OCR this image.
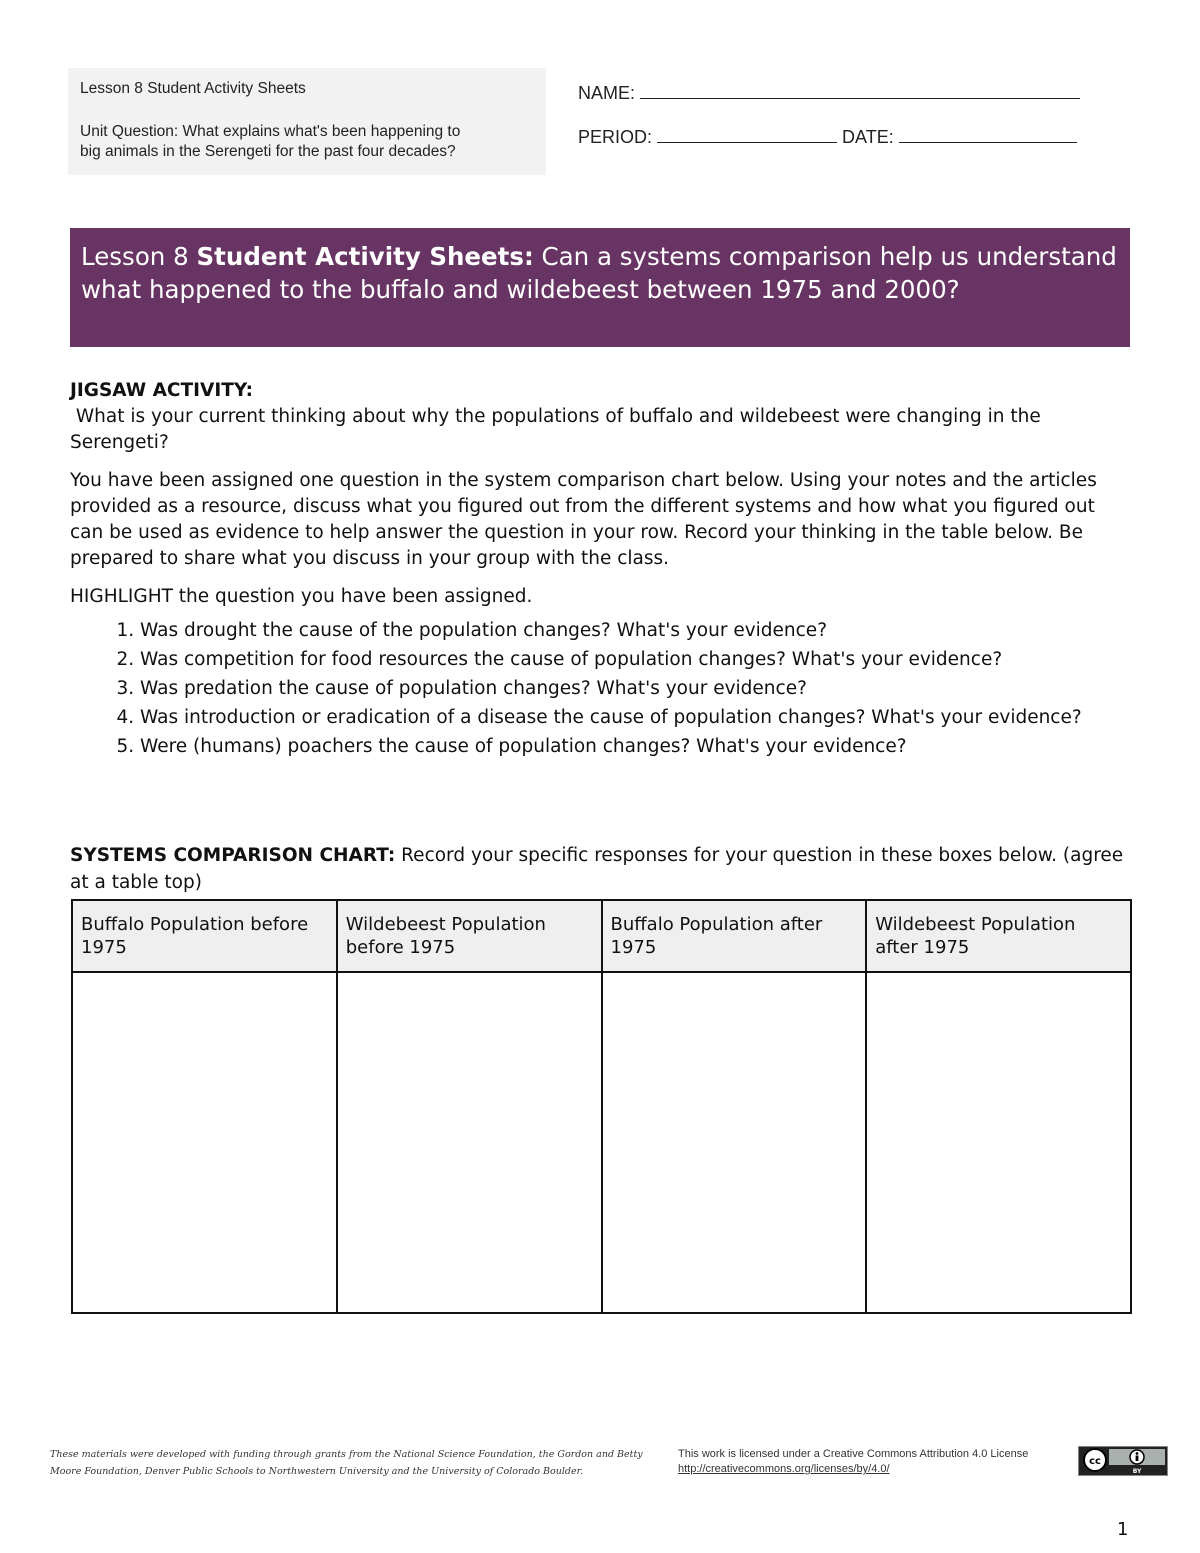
Lesson 8 Student Activity Sheets

Unit Question: What explains what's been happening to
big animals in the Serengeti for the past four decades?

NAME:
PERIOD:	DATE:
Lesson 8 Student Activity Sheets: Can a systems comparison help us understand what happened to the buffalo and wildebeest between 1975 and 2000?

JIGSAW ACTIVITY:

What is your current thinking about why the populations of buffalo and wildebeest were changing in the Serengeti?

You have been assigned one question in the system comparison chart below. Using your notes and the articles provided as a resource, discuss what you figured out from the different systems and how what you figured out can be used as evidence to help answer the question in your row. Record your thinking in the table below. Be prepared to share what you discuss in your group with the class.

HIGHLIGHT the question you have been assigned.

1. Was drought the cause of the population changes? What's your evidence?
2. Was competition for food resources the cause of population changes? What's your evidence?
3. Was predation the cause of population changes? What's your evidence?
4. Was introduction or eradication of a disease the cause of population changes? What's your evidence?
5. Were (humans) poachers the cause of population changes? What's your evidence?
SYSTEMS COMPARISON CHART: Record your specific responses for your question in these boxes below. (agree at a table top)
Buffalo Population before 1975	Wildebeest Population before 1975	Buffalo Population after 1975	Wildebeest Population after 1975

These materials were developed with funding through grants from the National Science Foundation, the Gordon and Betty Moore Foundation, Denver Public Schools to Northwestern University and the University of Colorado Boulder.
This work is licensed under a Creative Commons Attribution 4.0 License http://creativecommons.org/licenses/by/4.0/
cc
BY
1
